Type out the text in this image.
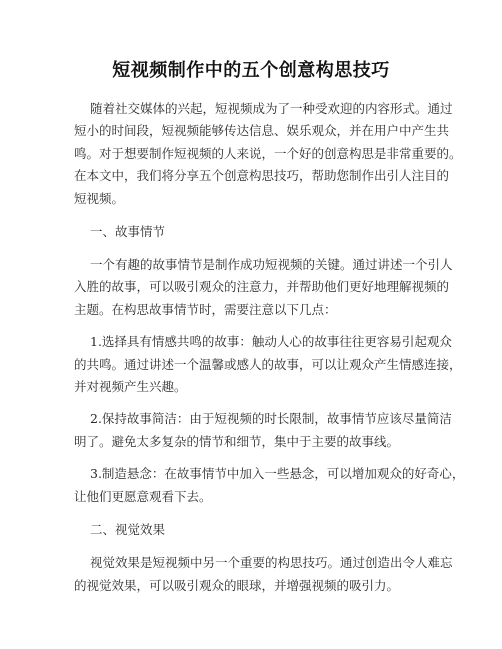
短视频制作中的五个创意构思技巧

随着社交媒体的兴起，短视频成为了一种受欢迎的内容形式。通过
短小的时间段，短视频能够传达信息、娱乐观众，并在用户中产生共
鸣。对于想要制作短视频的人来说，一个好的创意构思是非常重要的。
在本文中，我们将分享五个创意构思技巧，帮助您制作出引人注目的
短视频。

一、故事情节

一个有趣的故事情节是制作成功短视频的关键。通过讲述一个引人
入胜的故事，可以吸引观众的注意力，并帮助他们更好地理解视频的
主题。在构思故事情节时，需要注意以下几点：

1.选择具有情感共鸣的故事：触动人心的故事往往更容易引起观众
的共鸣。通过讲述一个温馨或感人的故事，可以让观众产生情感连接，
并对视频产生兴趣。

2.保持故事简洁：由于短视频的时长限制，故事情节应该尽量简洁
明了。避免太多复杂的情节和细节，集中于主要的故事线。

3.制造悬念：在故事情节中加入一些悬念，可以增加观众的好奇心，
让他们更愿意观看下去。

二、视觉效果

视觉效果是短视频中另一个重要的构思技巧。通过创造出令人难忘
的视觉效果，可以吸引观众的眼球，并增强视频的吸引力。
